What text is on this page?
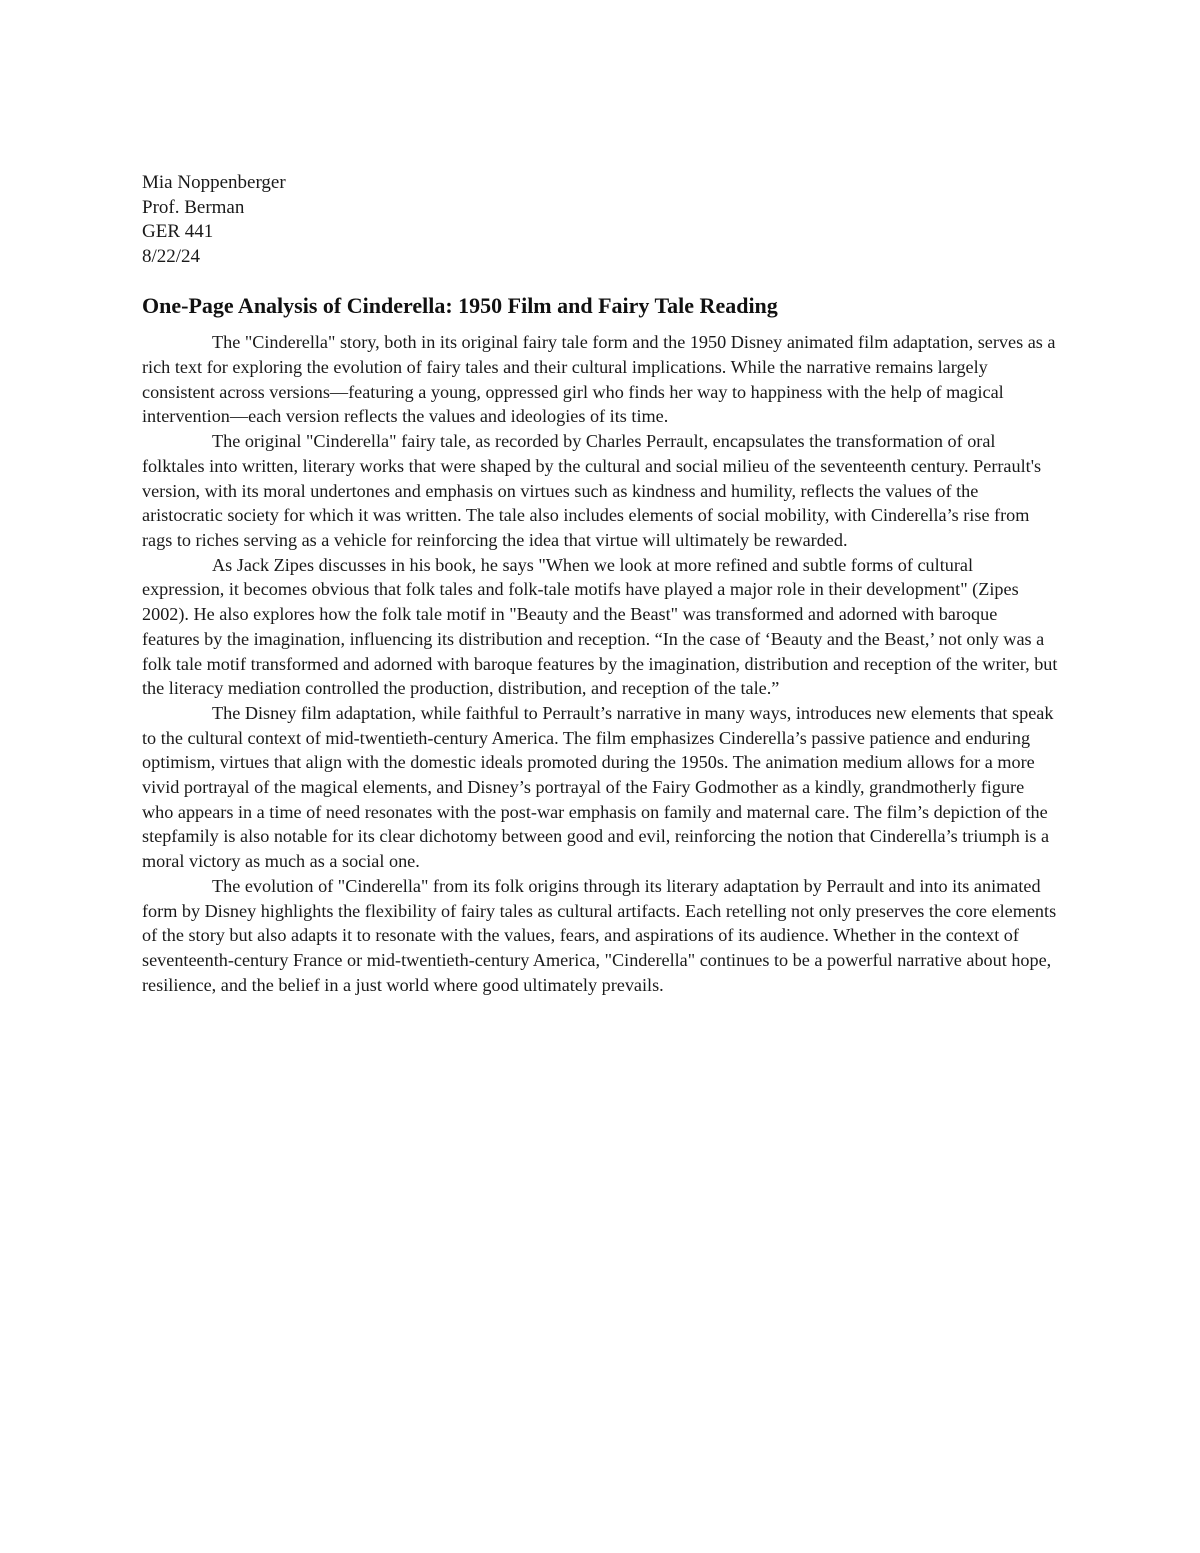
Mia Noppenberger
Prof. Berman
GER 441
8/22/24
One-Page Analysis of Cinderella: 1950 Film and Fairy Tale Reading

The "Cinderella" story, both in its original fairy tale form and the 1950 Disney animated film adaptation, serves as a rich text for exploring the evolution of fairy tales and their cultural implications. While the narrative remains largely consistent across versions—featuring a young, oppressed girl who finds her way to happiness with the help of magical intervention—each version reflects the values and ideologies of its time.

The original "Cinderella" fairy tale, as recorded by Charles Perrault, encapsulates the transformation of oral folktales into written, literary works that were shaped by the cultural and social milieu of the seventeenth century. Perrault's version, with its moral undertones and emphasis on virtues such as kindness and humility, reflects the values of the aristocratic society for which it was written. The tale also includes elements of social mobility, with Cinderella’s rise from rags to riches serving as a vehicle for reinforcing the idea that virtue will ultimately be rewarded.

As Jack Zipes discusses in his book, he says "When we look at more refined and subtle forms of cultural expression, it becomes obvious that folk tales and folk-tale motifs have played a major role in their development" (Zipes 2002). He also explores how the folk tale motif in "Beauty and the Beast" was transformed and adorned with baroque features by the imagination, influencing its distribution and reception. “In the case of ‘Beauty and the Beast,’ not only was a folk tale motif transformed and adorned with baroque features by the imagination, distribution and reception of the writer, but the literacy mediation controlled the production, distribution, and reception of the tale.”

The Disney film adaptation, while faithful to Perrault’s narrative in many ways, introduces new elements that speak to the cultural context of mid-twentieth-century America. The film emphasizes Cinderella’s passive patience and enduring optimism, virtues that align with the domestic ideals promoted during the 1950s. The animation medium allows for a more vivid portrayal of the magical elements, and Disney’s portrayal of the Fairy Godmother as a kindly, grandmotherly figure who appears in a time of need resonates with the post-war emphasis on family and maternal care. The film’s depiction of the stepfamily is also notable for its clear dichotomy between good and evil, reinforcing the notion that Cinderella’s triumph is a moral victory as much as a social one.

The evolution of "Cinderella" from its folk origins through its literary adaptation by Perrault and into its animated form by Disney highlights the flexibility of fairy tales as cultural artifacts. Each retelling not only preserves the core elements of the story but also adapts it to resonate with the values, fears, and aspirations of its audience. Whether in the context of seventeenth-century France or mid-twentieth-century America, "Cinderella" continues to be a powerful narrative about hope, resilience, and the belief in a just world where good ultimately prevails.
